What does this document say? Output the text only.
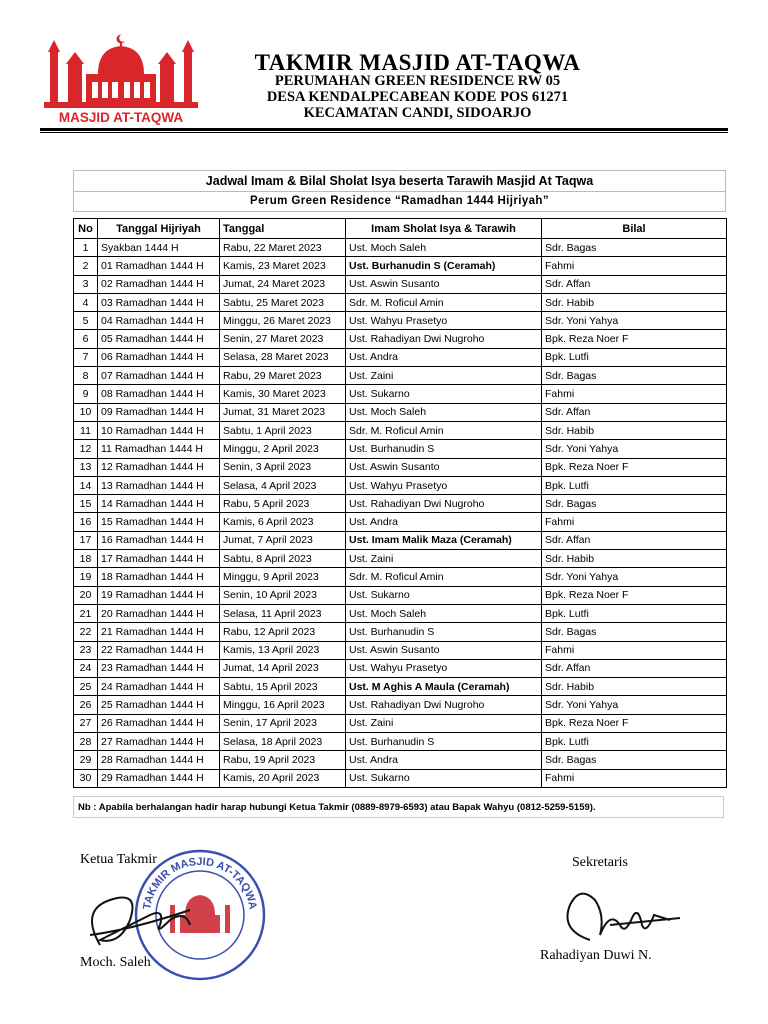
MASJID AT-TAQWA
TAKMIR MASJID AT-TAQWA
PERUMAHAN GREEN RESIDENCE RW 05
DESA KENDALPECABEAN KODE POS 61271
KECAMATAN CANDI, SIDOARJO
Jadwal Imam & Bilal Sholat Isya beserta Tarawih Masjid At Taqwa
Perum Green Residence “Ramadhan 1444 Hijriyah”
No	Tanggal Hijriyah	Tanggal	Imam Sholat Isya & Tarawih	Bilal
1	Syakban 1444 H	Rabu, 22 Maret 2023	Ust. Moch Saleh	Sdr. Bagas
2	01 Ramadhan 1444 H	Kamis, 23 Maret 2023	Ust. Burhanudin S (Ceramah)	Fahmi
3	02 Ramadhan 1444 H	Jumat, 24 Maret 2023	Ust. Aswin Susanto	Sdr. Affan
4	03 Ramadhan 1444 H	Sabtu, 25 Maret 2023	Sdr. M. Roficul Amin	Sdr. Habib
5	04 Ramadhan 1444 H	Minggu, 26 Maret 2023	Ust. Wahyu Prasetyo	Sdr. Yoni Yahya
6	05 Ramadhan 1444 H	Senin, 27 Maret 2023	Ust. Rahadiyan Dwi Nugroho	Bpk. Reza Noer F
7	06 Ramadhan 1444 H	Selasa, 28 Maret 2023	Ust. Andra	Bpk. Lutfi
8	07 Ramadhan 1444 H	Rabu, 29 Maret 2023	Ust. Zaini	Sdr. Bagas
9	08 Ramadhan 1444 H	Kamis, 30 Maret 2023	Ust. Sukarno	Fahmi
10	09 Ramadhan 1444 H	Jumat, 31 Maret 2023	Ust. Moch Saleh	Sdr. Affan
11	10 Ramadhan 1444 H	Sabtu, 1 April 2023	Sdr. M. Roficul Amin	Sdr. Habib
12	11 Ramadhan 1444 H	Minggu, 2 April 2023	Ust. Burhanudin S	Sdr. Yoni Yahya
13	12 Ramadhan 1444 H	Senin, 3 April 2023	Ust. Aswin Susanto	Bpk. Reza Noer F
14	13 Ramadhan 1444 H	Selasa, 4 April 2023	Ust. Wahyu Prasetyo	Bpk. Lutfi
15	14 Ramadhan 1444 H	Rabu, 5 April 2023	Ust. Rahadiyan Dwi Nugroho	Sdr. Bagas
16	15 Ramadhan 1444 H	Kamis, 6 April 2023	Ust. Andra	Fahmi
17	16 Ramadhan 1444 H	Jumat, 7 April 2023	Ust. Imam Malik Maza (Ceramah)	Sdr. Affan
18	17 Ramadhan 1444 H	Sabtu, 8 April 2023	Ust. Zaini	Sdr. Habib
19	18 Ramadhan 1444 H	Minggu, 9 April 2023	Sdr. M. Roficul Amin	Sdr. Yoni Yahya
20	19 Ramadhan 1444 H	Senin, 10 April 2023	Ust. Sukarno	Bpk. Reza Noer F
21	20 Ramadhan 1444 H	Selasa, 11 April 2023	Ust. Moch Saleh	Bpk. Lutfi
22	21 Ramadhan 1444 H	Rabu, 12 April 2023	Ust. Burhanudin S	Sdr. Bagas
23	22 Ramadhan 1444 H	Kamis, 13 April 2023	Ust. Aswin Susanto	Fahmi
24	23 Ramadhan 1444 H	Jumat, 14 April 2023	Ust. Wahyu Prasetyo	Sdr. Affan
25	24 Ramadhan 1444 H	Sabtu, 15 April 2023	Ust. M Aghis A Maula (Ceramah)	Sdr. Habib
26	25 Ramadhan 1444 H	Minggu, 16 April 2023	Ust. Rahadiyan Dwi Nugroho	Sdr. Yoni Yahya
27	26 Ramadhan 1444 H	Senin, 17 April 2023	Ust. Zaini	Bpk. Reza Noer F
28	27 Ramadhan 1444 H	Selasa, 18 April 2023	Ust. Burhanudin S	Bpk. Lutfi
29	28 Ramadhan 1444 H	Rabu, 19 April 2023	Ust. Andra	Sdr. Bagas
30	29 Ramadhan 1444 H	Kamis, 20 April 2023	Ust. Sukarno	Fahmi
Nb : Apabila berhalangan hadir harap hubungi Ketua Takmir (0889-8979-6593) atau Bapak Wahyu (0812-5259-5159).
Ketua Takmir
Moch. Saleh
Sekretaris
Rahadiyan Duwi N.
TAKMIR MASJID AT-TAQWA
